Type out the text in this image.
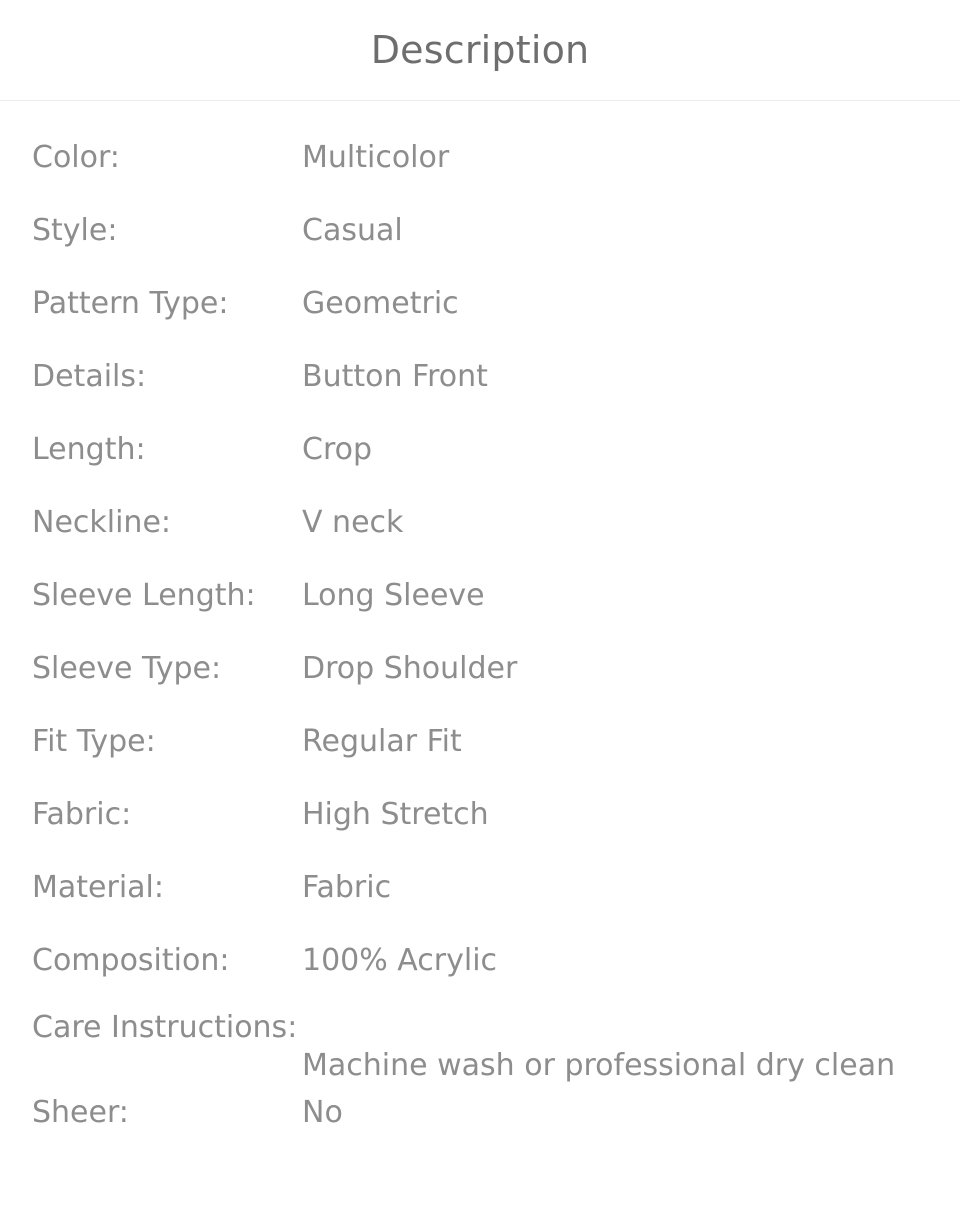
Description
Color:	Multicolor
Style:	Casual
Pattern Type:	Geometric
Details:	Button Front
Length:	Crop
Neckline:	V neck
Sleeve Length:	Long Sleeve
Sleeve Type:	Drop Shoulder
Fit Type:	Regular Fit
Fabric:	High Stretch
Material:	Fabric
Composition:	100% Acrylic
Care Instructions:
Machine wash or professional dry clean
Sheer:	No
